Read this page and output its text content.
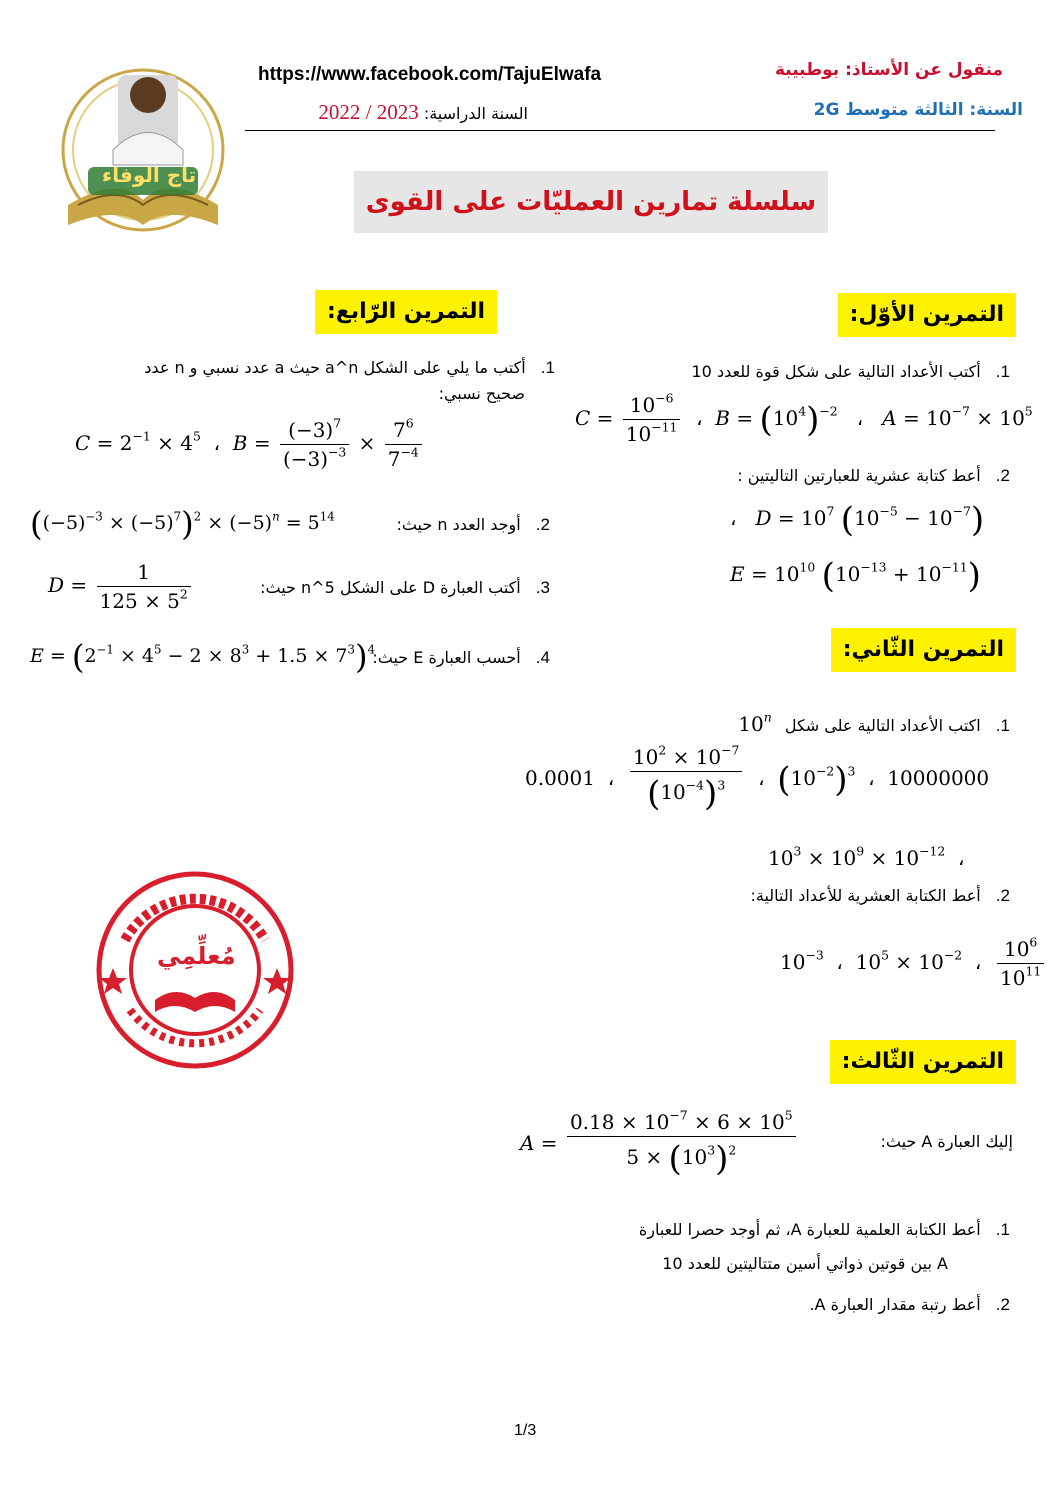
تاج الوفاء
منقول عن الأستاذ: بوطبيبة
السنة: الثالثة متوسط 2G
https://www.facebook.com/TajuElwafa
السنة الدراسية: 2022 / 2023
سلسلة تمارين العمليّات على القوى
التمرين الأوّل:
1. أكتب الأعداد التالية على شكل قوة للعدد 10
$C = \frac{10^{-6}}{10^{-11}}$ ،  $B = (10^4)^{-2}$   ،   $A = 10^{-7} \times 10^5$
2. أعط كتابة عشرية للعبارتين التاليتين :
،   $D = 10^7$ $(10^{-5} - 10^{-7})$
$E = 10^{10}$ $(10^{-13} + 10^{-11})$
التمرين الثّاني:
1. اكتب الأعداد التالية على شكل 10$^n$
0.0001  ، $\frac{10^2 \times 10^{-7}}{(10^{-4})^3}$ ،  $(10^{-2})^3$  ،  10000000
$10^3 \times 10^9 \times 10^{-12}$  ،
2. أعط الكتابة العشرية للأعداد التالية:
$10^{-3}$  ،  $10^5 \times 10^{-2}$  ، $\frac{10^6}{10^{11}}$
التمرين الثّالث:
إليك العبارة A حيث:
$A = \frac{0.18 \times 10^{-7} \times 6 \times 10^5}{5 \times (10^3)^2}$
1. أعط الكتابة العلمية للعبارة A، ثم أوجد حصرا للعبارة
A بين قوتين ذواتي أسين متتاليتين للعدد 10
2. أعط رتبة مقدار العبارة A.
التمرين الرّابع:
1. أكتب ما يلي على الشكل a^n حيث a عدد نسبي و n عدد
صحيح نسبي:
$C = 2^{-1} \times 4^5$  ،  $B = \frac{(-3)^7}{(-3)^{-3}} \times \frac{7^6}{7^{-4}}$
2. أوجد العدد n حيث:
$((-5)^{-3} \times (-5)^7)^2 \times (-5)^n = 5^{14}$
3. أكتب العبارة D على الشكل 5^n حيث:
$D = \frac{1}{125 \times 5^2}$
4. أحسب العبارة E حيث:
$E = (2^{-1} \times 4^5 - 2 \times 8^3 + 1.5 \times 7^3)^4$
مُعلِّمِي
1/3
